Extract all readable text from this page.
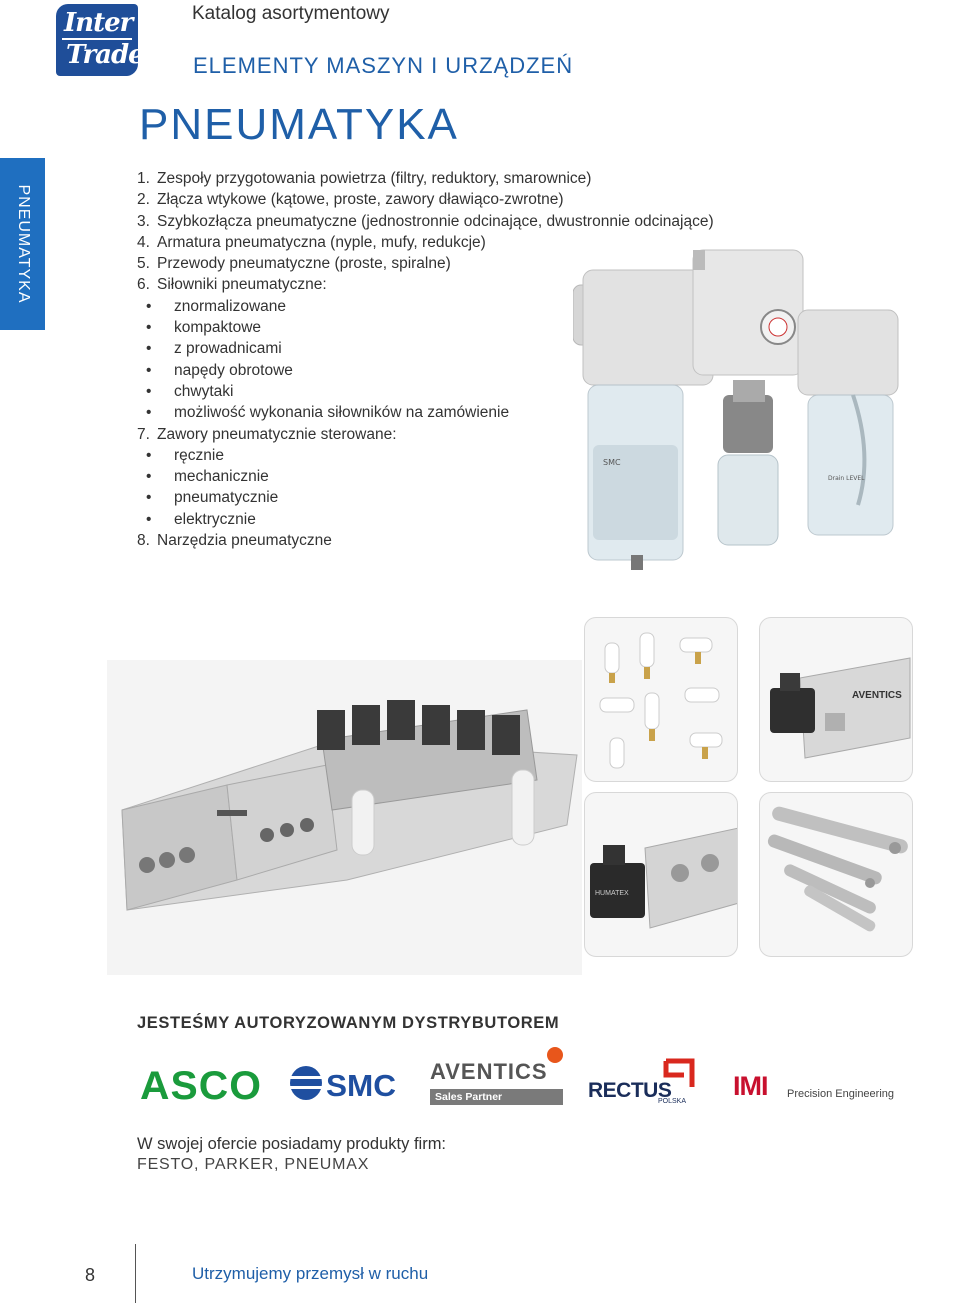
Inter
Trade
Katalog asortymentowy
ELEMENTY MASZYN I URZĄDZEŃ
PNEUMATYKA
PNEUMATYKA
1. Zespoły przygotowania powietrza (filtry, reduktory, smarownice)
2. Złącza wtykowe (kątowe, proste, zawory dławiąco-zwrotne)
3. Szybkozłącza pneumatyczne (jednostronnie odcinające, dwustronnie odcinające)
4. Armatura pneumatyczna (nyple, mufy, redukcje)
5. Przewody pneumatyczne (proste, spiralne)
6. Siłowniki pneumatyczne:
•
znormalizowane
•
kompaktowe
•
z prowadnicami
•
napędy obrotowe
•
chwytaki
•
możliwość wykonania siłowników na zamówienie
7. Zawory pneumatycznie sterowane:
•
ręcznie
•
mechanicznie
•
pneumatycznie
•
elektrycznie
8. Narzędzia pneumatyczne
SMC
Drain LEVEL
AVENTICS
HUMATEX
JESTEŚMY AUTORYZOWANYM DYSTRYBUTOREM
ASCO SMC AVENTICS
Sales Partner	RECTUS
POLSKA
IMI Precision Engineering
W swojej ofercie posiadamy produkty firm:
FESTO, PARKER, PNEUMAX
8	Utrzymujemy przemysł w ruchu
